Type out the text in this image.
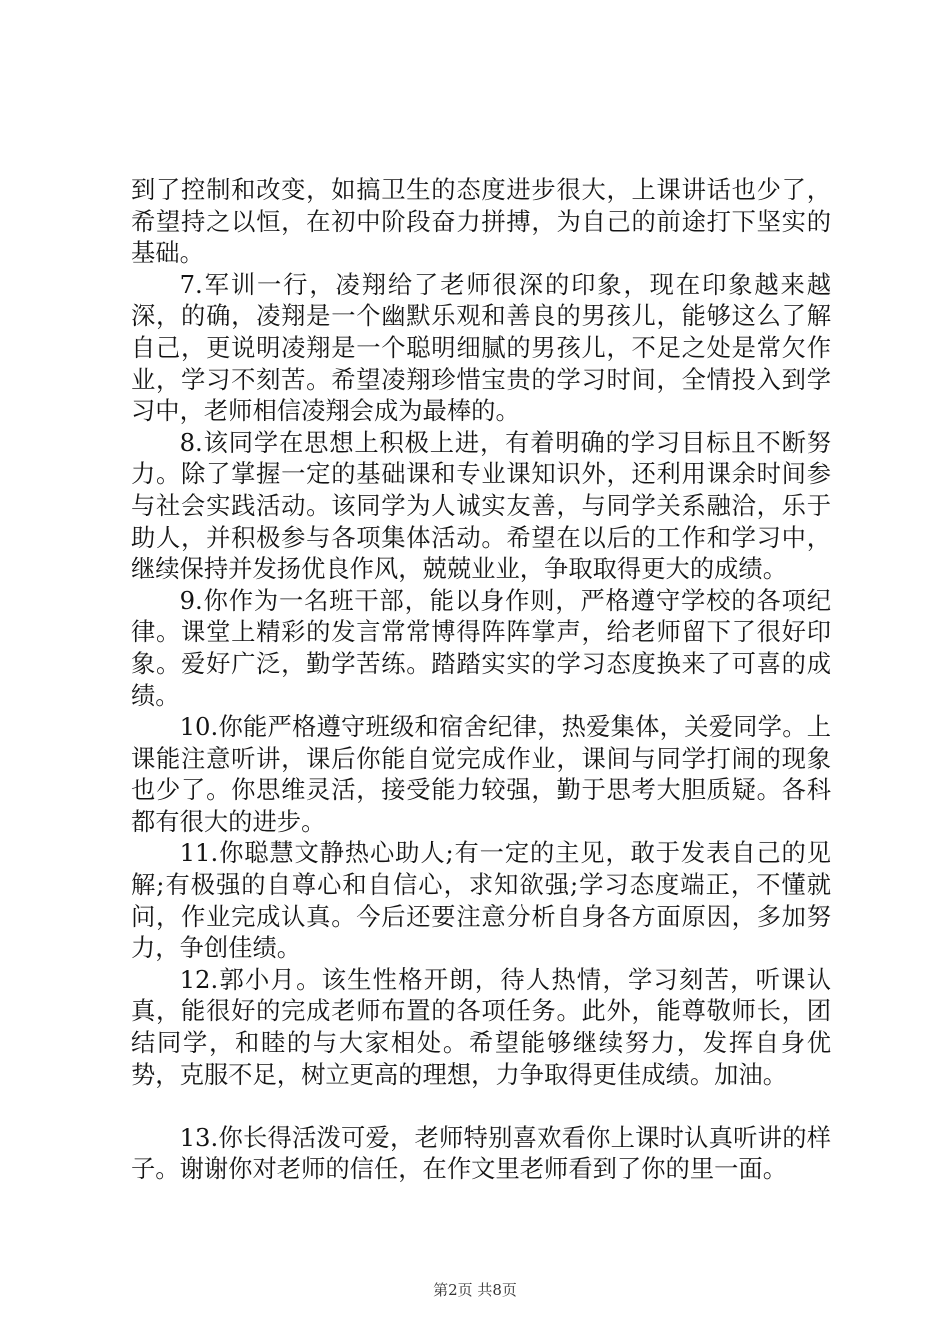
到了控制和改变，如搞卫生的态度进步很大，上课讲话也少了，希望持之以恒，在初中阶段奋力拼搏，为自己的前途打下坚实的基础。

7.军训一行，凌翔给了老师很深的印象，现在印象越来越深，的确，凌翔是一个幽默乐观和善良的男孩儿，能够这么了解自己，更说明凌翔是一个聪明细腻的男孩儿，不足之处是常欠作业，学习不刻苦。希望凌翔珍惜宝贵的学习时间，全情投入到学习中，老师相信凌翔会成为最棒的。

8.该同学在思想上积极上进，有着明确的学习目标且不断努力。除了掌握一定的基础课和专业课知识外，还利用课余时间参与社会实践活动。该同学为人诚实友善，与同学关系融洽，乐于助人，并积极参与各项集体活动。希望在以后的工作和学习中，继续保持并发扬优良作风，兢兢业业，争取取得更大的成绩。

9.你作为一名班干部，能以身作则，严格遵守学校的各项纪律。课堂上精彩的发言常常博得阵阵掌声，给老师留下了很好印象。爱好广泛，勤学苦练。踏踏实实的学习态度换来了可喜的成绩。

10.你能严格遵守班级和宿舍纪律，热爱集体，关爱同学。上课能注意听讲，课后你能自觉完成作业，课间与同学打闹的现象也少了。你思维灵活，接受能力较强，勤于思考大胆质疑。各科都有很大的进步。

11.你聪慧文静热心助人;有一定的主见，敢于发表自己的见解;有极强的自尊心和自信心，求知欲强;学习态度端正，不懂就问，作业完成认真。今后还要注意分析自身各方面原因，多加努力，争创佳绩。

12.郭小月。该生性格开朗，待人热情，学习刻苦，听课认真，能很好的完成老师布置的各项任务。此外，能尊敬师长，团结同学，和睦的与大家相处。希望能够继续努力，发挥自身优势，克服不足，树立更高的理想，力争取得更佳成绩。加油。

13.你长得活泼可爱，老师特别喜欢看你上课时认真听讲的样子。谢谢你对老师的信任，在作文里老师看到了你的里一面。

第2页 共8页
